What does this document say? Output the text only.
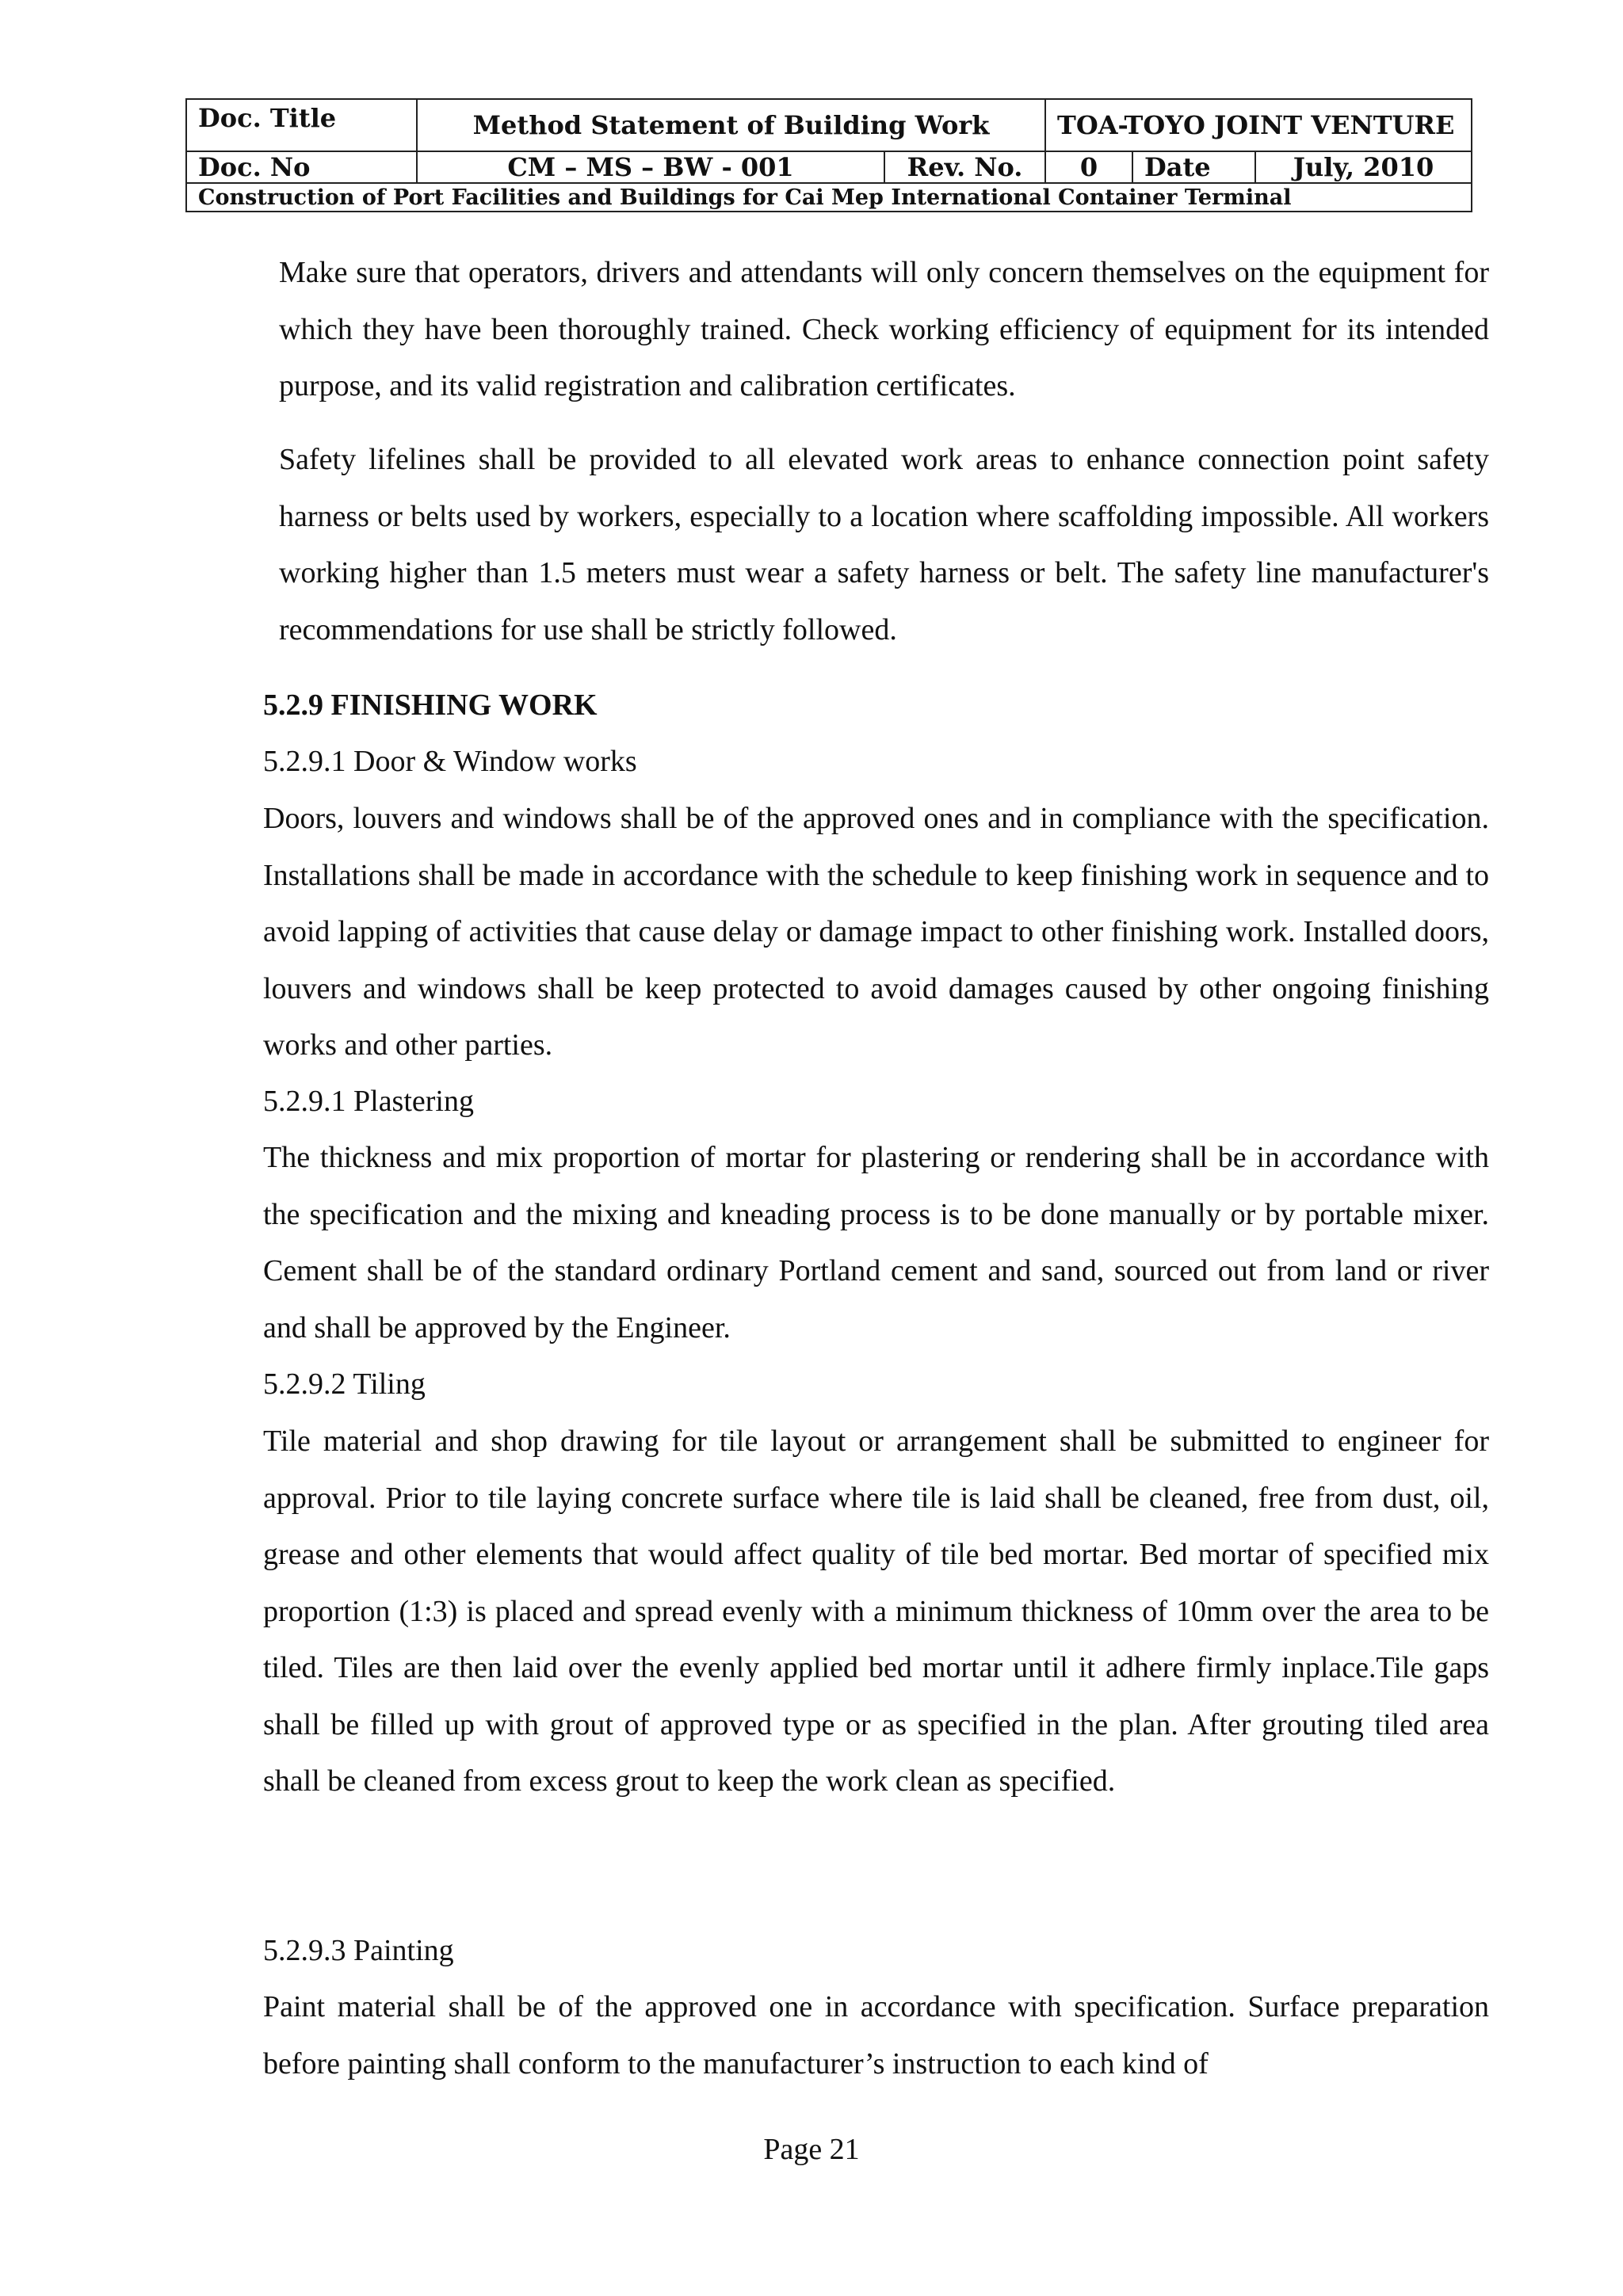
Doc. Title	Method Statement of Building Work		TOA-TOYO JOINT VENTURE		
Doc. No	CM – MS – BW - 001	Rev. No.	0	Date	July, 2010
Construction of Port Facilities and Buildings for Cai Mep International Container Terminal					

Make sure that operators, drivers and attendants will only concern themselves on the equipment for which they have been thoroughly trained. Check working efficiency of equipment for its intended purpose, and its valid registration and calibration certificates.

Safety lifelines shall be provided to all elevated work areas to enhance connection point safety harness or belts used by workers, especially to a location where scaffolding impossible. All workers working higher than 1.5 meters must wear a safety harness or belt. The safety line manufacturer's recommendations for use shall be strictly followed.

5.2.9 FINISHING WORK

5.2.9.1 Door & Window works

Doors, louvers and windows shall be of the approved ones and in compliance with the specification. Installations shall be made in accordance with the schedule to keep finishing work in sequence and to avoid lapping of activities that cause delay or damage impact to other finishing work. Installed doors, louvers and windows shall be keep protected to avoid damages caused by other ongoing finishing works and other parties.

5.2.9.1 Plastering

The thickness and mix proportion of mortar for plastering or rendering shall be in accordance with the specification and the mixing and kneading process is to be done manually or by portable mixer. Cement shall be of the standard ordinary Portland cement and sand, sourced out from land or river and shall be approved by the Engineer.

5.2.9.2 Tiling

Tile material and shop drawing for tile layout or arrangement shall be submitted to engineer for approval. Prior to tile laying concrete surface where tile is laid shall be cleaned, free from dust, oil, grease and other elements that would affect quality of tile bed mortar. Bed mortar of specified mix proportion (1:3) is placed and spread evenly with a minimum thickness of 10mm over the area to be tiled. Tiles are then laid over the evenly applied bed mortar until it adhere firmly inplace.Tile gaps shall be filled up with grout of approved type or as specified in the plan. After grouting tiled area shall be cleaned from excess grout to keep the work clean as specified.

5.2.9.3 Painting

Paint material shall be of the approved one in accordance with specification. Surface preparation before painting shall conform to the manufacturer’s instruction to each kind of

Page 21
